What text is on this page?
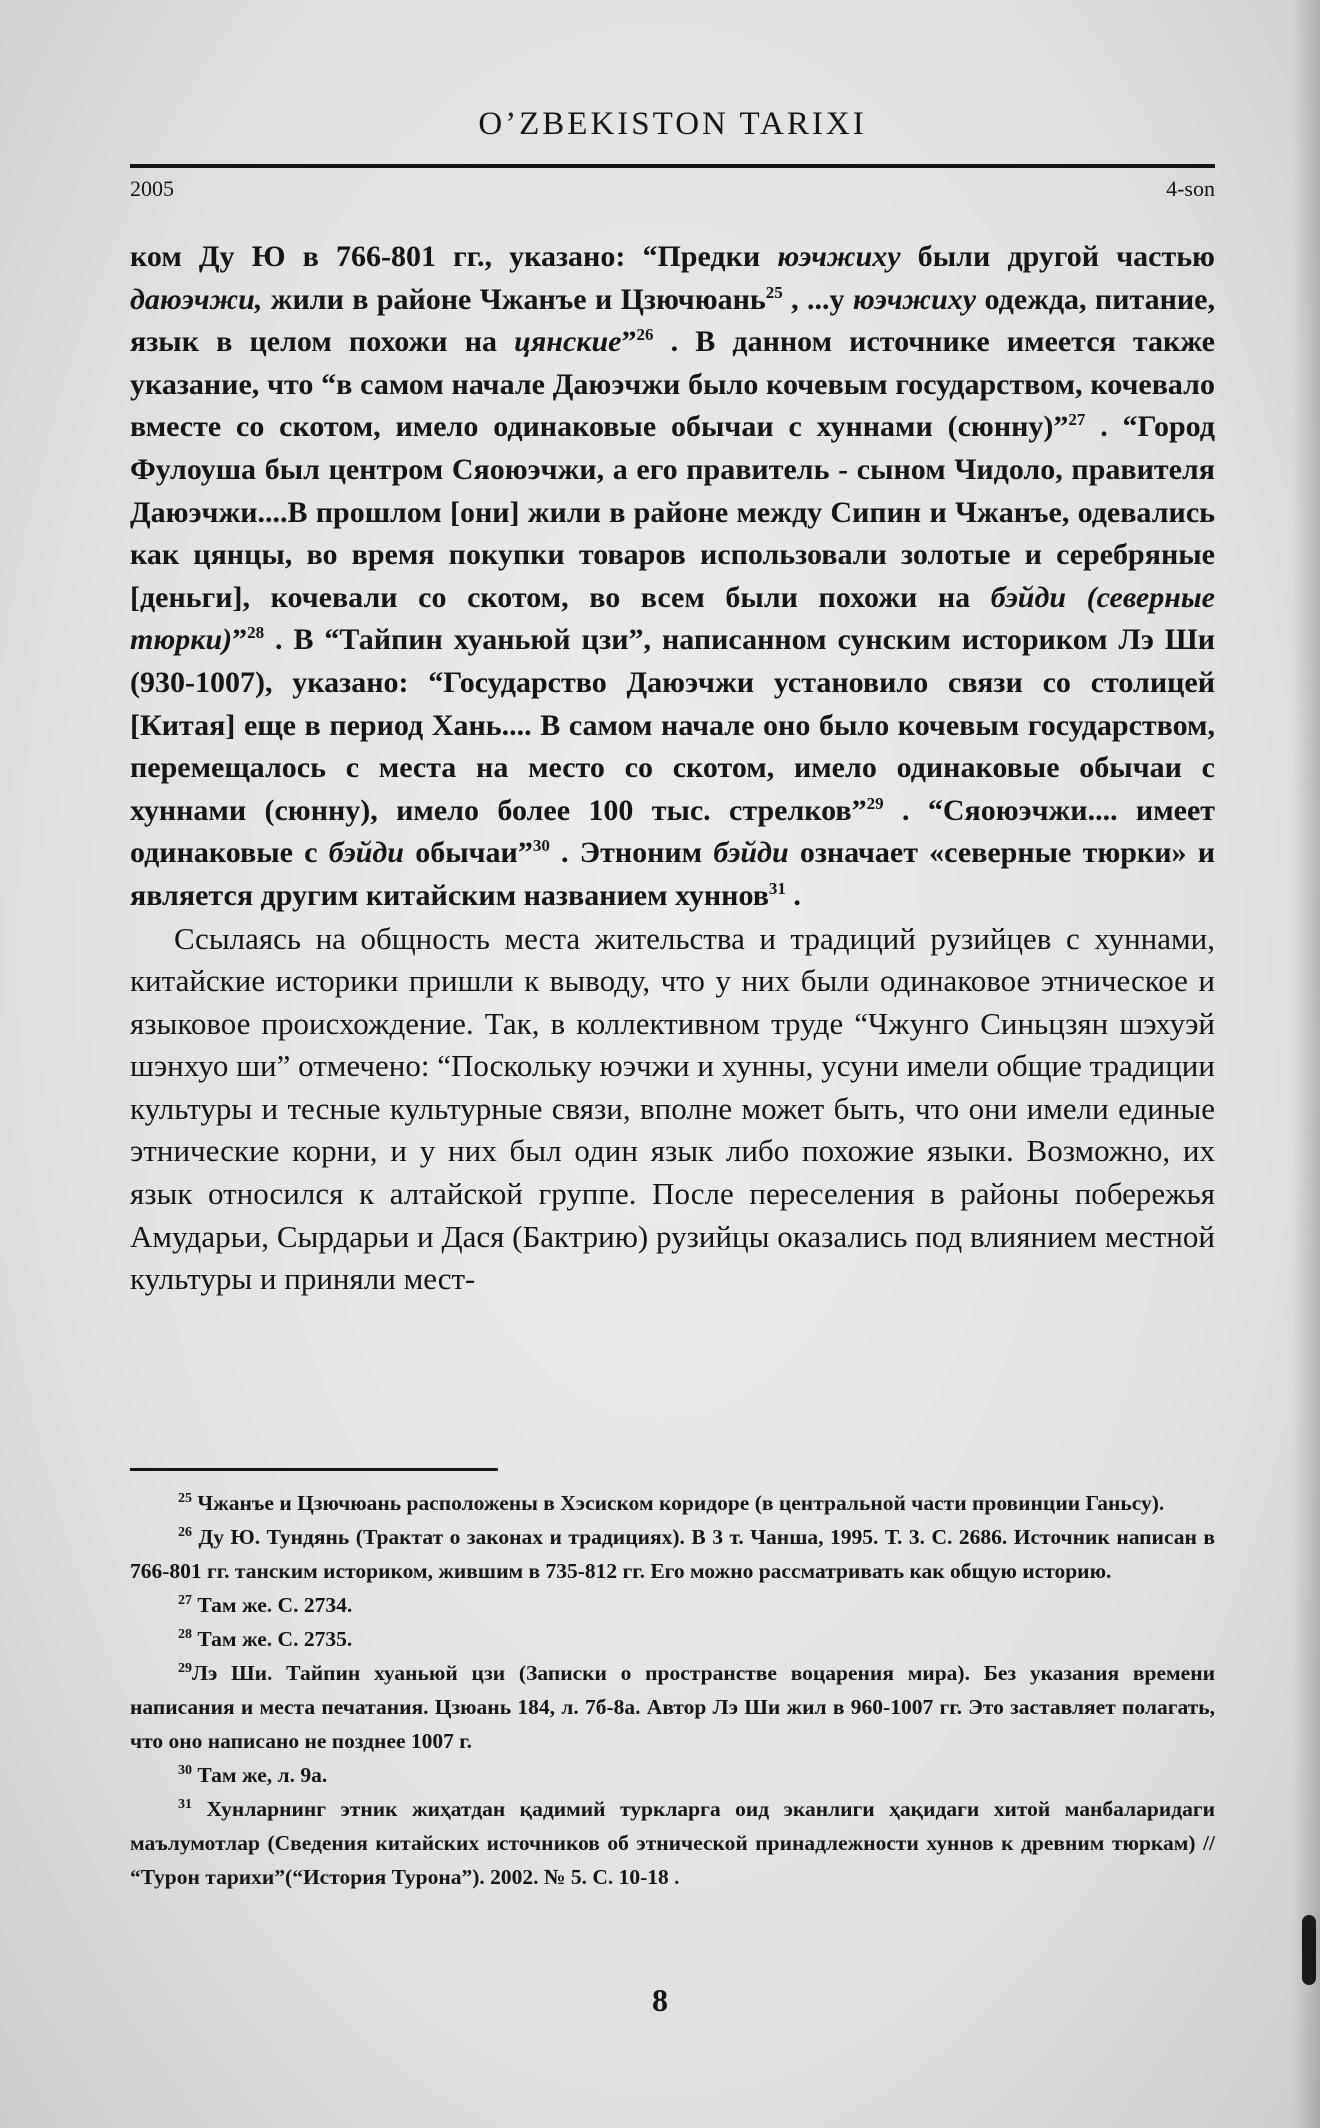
O’ZBEKISTON TARIXI
2005	4-son

ком Ду Ю в 766-801 гг., указано: “Предки юэчжиху были другой частью даюэчжи, жили в районе Чжанъе и Цзючюань$^{25}$ , ...у юэчжиху одежда, питание, язык в целом похожи на цянские”$^{26}$ . В данном источнике имеется также указание, что “в самом начале Даюэчжи было кочевым государством, кочевало вместе со скотом, имело одинаковые обычаи с хуннами (сюнну)”$^{27}$ . “Город Фулоуша был центром Сяоюэчжи, а его правитель - сыном Чидоло, правителя Даюэчжи....В прошлом [они] жили в районе между Сипин и Чжанъе, одевались как цянцы, во время покупки товаров использовали золотые и серебряные [деньги], кочевали со скотом, во всем были похожи на бэйди (северные тюрки)”$^{28}$ . В “Тайпин хуаньюй цзи”, написанном сунским историком Лэ Ши (930-1007), указано: “Государство Даюэчжи установило связи со столицей [Китая] еще в период Хань.... В самом начале оно было кочевым государством, перемещалось с места на место со скотом, имело одинаковые обычаи с хуннами (сюнну), имело более 100 тыс. стрелков”$^{29}$ . “Сяоюэчжи.... имеет одинаковые с бэйди обычаи”$^{30}$ . Этноним бэйди означает «северные тюрки» и является другим китайским названием хуннов$^{31}$ .

Ссылаясь на общность места жительства и традиций рузийцев с хуннами, китайские историки пришли к выводу, что у них были одинаковое этническое и языковое происхождение. Так, в коллективном труде “Чжунго Синьцзян шэхуэй шэнхуо ши” отмечено: “Поскольку юэчжи и хунны, усуни имели общие традиции культуры и тесные культурные связи, вполне может быть, что они имели единые этнические корни, и у них был один язык либо похожие языки. Возможно, их язык относился к алтайской группе. После переселения в районы побережья Амударьи, Сырдарьи и Дася (Бактрию) рузийцы оказались под влиянием местной культуры и приняли мест-

$^{25}$ Чжанъе и Цзючюань расположены в Хэсиском коридоре (в центральной части провинции Ганьсу).

$^{26}$ Ду Ю. Тундянь (Трактат о законах и традициях). В 3 т. Чанша, 1995. Т. 3. С. 2686. Источник написан в 766-801 гг. танским историком, жившим в 735-812 гг. Его можно рассматривать как общую историю.

$^{27}$ Там же. С. 2734.

$^{28}$ Там же. С. 2735.

$^{29}$Лэ Ши. Тайпин хуаньюй цзи (Записки о пространстве воцарения мира). Без указания времени написания и места печатания. Цзюань 184, л. 7б-8а. Автор Лэ Ши жил в 960-1007 гг. Это заставляет полагать, что оно написано не позднее 1007 г.

$^{30}$ Там же, л. 9а.

$^{31}$ Хунларнинг этник жиҳатдан қадимий туркларга оид эканлиги ҳақидаги хитой манбаларидаги маълумотлар (Сведения китайских источников об этнической принадлежности хуннов к древним тюркам) // “Турон тарихи”(“История Турона”). 2002. № 5. С. 10-18 .

8
